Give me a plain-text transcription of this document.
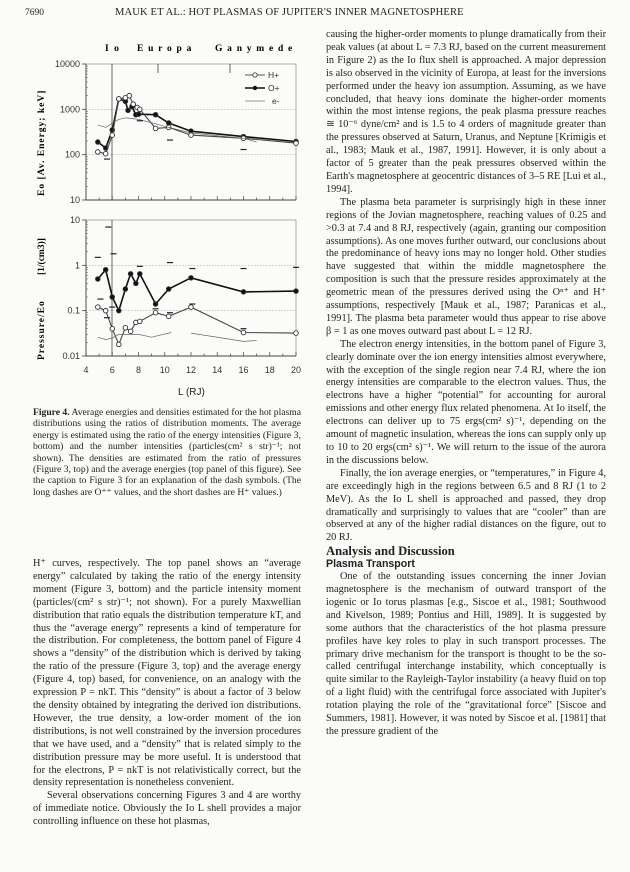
7690	MAUK ET AL.: HOT PLASMAS OF JUPITER'S INNER MAGNETOSPHERE
10
100
1000
10000
H+
O+
e-
I o E u r o p a G a n y m e d e
Eo [Av. Energy; keV]
0.01
0.1
1
10
Pressure/Eo
[1/(cm3)]
4 6 8 10 12 14 16 18 20
L (RJ)
Figure 4. Average energies and densities estimated for the hot plasma distributions using the ratios of distribution moments. The average energy is estimated using the ratio of the energy intensities (Figure 3, bottom) and the number intensities (particles(cm² s str)⁻¹; not shown). The densities are estimated from the ratio of pressures (Figure 3, top) and the average energies (top panel of this figure). See the caption to Figure 3 for an explanation of the dash symbols. (The long dashes are O⁺⁺ values, and the short dashes are H⁺ values.)

H⁺ curves, respectively. The top panel shows an “average energy” calculated by taking the ratio of the energy intensity moment (Figure 3, bottom) and the particle intensity moment (particles/(cm² s str)⁻¹; not shown). For a purely Maxwellian distribution that ratio equals the distribution temperature kT, and thus the “average energy” represents a kind of temperature for the distribution. For completeness, the bottom panel of Figure 4 shows a “density” of the distribution which is derived by taking the ratio of the pressure (Figure 3, top) and the average energy (Figure 4, top) based, for convenience, on an analogy with the expression P = nkT. This “density” is about a factor of 3 below the density obtained by integrating the derived ion distributions. However, the true density, a low-order moment of the ion distributions, is not well constrained by the inversion procedures that we have used, and a “density” that is related simply to the distribution pressure may be more useful. It is understood that for the electrons, P = nkT is not relativistically correct, but the density representation is nonetheless convenient.

Several observations concerning Figures 3 and 4 are worthy of immediate notice. Obviously the Io L shell provides a major controlling influence on these hot plasmas,

causing the higher-order moments to plunge dramatically from their peak values (at about L = 7.3 RJ, based on the current measurement in Figure 2) as the Io flux shell is approached. A major depression is also observed in the vicinity of Europa, at least for the inversions performed under the heavy ion assumption. Assuming, as we have concluded, that heavy ions dominate the higher-order moments within the most intense regions, the peak plasma pressure reaches ≅ 10⁻⁶ dyne/cm² and is 1.5 to 4 orders of magnitude greater than the pressures observed at Saturn, Uranus, and Neptune [Krimigis et al., 1983; Mauk et al., 1987, 1991]. However, it is only about a factor of 5 greater than the peak pressures observed within the Earth's magnetosphere at geocentric distances of 3–5 RE [Lui et al., 1994].

The plasma beta parameter is surprisingly high in these inner regions of the Jovian magnetosphere, reaching values of 0.25 and >0.3 at 7.4 and 8 RJ, respectively (again, granting our composition assumptions). As one moves further outward, our conclusions about the predominance of heavy ions may no longer hold. Other studies have suggested that within the middle magnetosphere the composition is such that the pressure resides approximately at the geometric mean of the pressures derived using the Oⁿ⁺ and H⁺ assumptions, respectively [Mauk et al., 1987; Paranicas et al., 1991]. The plasma beta parameter would thus appear to rise above β = 1 as one moves outward past about L = 12 RJ.

The electron energy intensities, in the bottom panel of Figure 3, clearly dominate over the ion energy intensities almost everywhere, with the exception of the single region near 7.4 RJ, where the ion energy intensities are comparable to the electron values. Thus, the electrons have a higher “potential” for accounting for auroral emissions and other energy flux related phenomena. At Io itself, the electrons can deliver up to 75 ergs(cm² s)⁻¹, depending on the amount of magnetic insulation, whereas the ions can supply only up to 10 to 20 ergs(cm² s)⁻¹. We will return to the issue of the aurora in the discussions below.

Finally, the ion average energies, or “temperatures,” in Figure 4, are exceedingly high in the regions between 6.5 and 8 RJ (1 to 2 MeV). As the Io L shell is approached and passed, they drop dramatically and surprisingly to values that are “cooler” than are observed at any of the higher radial distances on the figure, out to 20 RJ.

Analysis and Discussion

Plasma Transport

One of the outstanding issues concerning the inner Jovian magnetosphere is the mechanism of outward transport of the iogenic or Io torus plasmas [e.g., Siscoe et al., 1981; Southwood and Kivelson, 1989; Pontius and Hill, 1989]. It is suggested by some authors that the characteristics of the hot plasma pressure profiles have key roles to play in such transport processes. The primary drive mechanism for the transport is thought to be the so-called centrifugal interchange instability, which conceptually is quite similar to the Rayleigh-Taylor instability (a heavy fluid on top of a light fluid) with the centrifugal force associated with Jupiter's rotation playing the role of the “gravitational force” [Siscoe and Summers, 1981]. However, it was noted by Siscoe et al. [1981] that the pressure gradient of the
